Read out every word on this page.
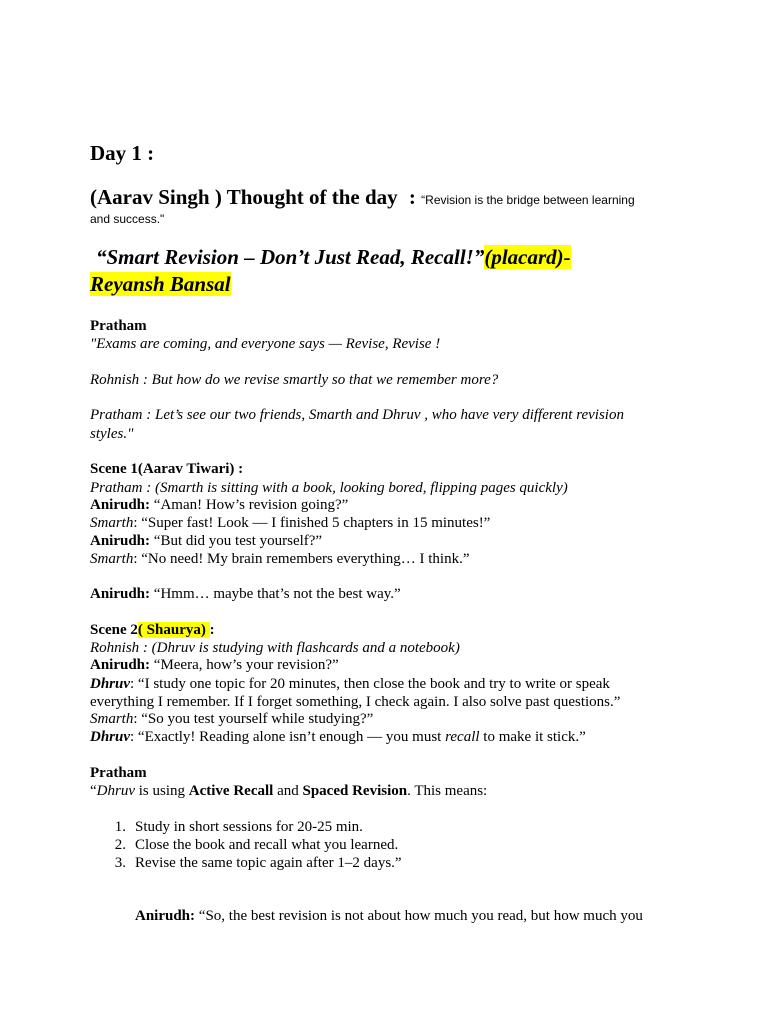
Day 1 :
(Aarav Singh ) Thought of the day : “Revision is the bridge between learning
and success."
“Smart Revision – Don’t Just Read, Recall!”(placard)-
Reyansh Bansal
Pratham
"Exams are coming, and everyone says — Revise, Revise !
Rohnish : But how do we revise smartly so that we remember more?
Pratham : Let’s see our two friends, Smarth and Dhruv , who have very different revision
styles."
Scene 1(Aarav Tiwari) :
Pratham : (Smarth is sitting with a book, looking bored, flipping pages quickly)
Anirudh: “Aman! How’s revision going?”
Smarth: “Super fast! Look — I finished 5 chapters in 15 minutes!”
Anirudh: “But did you test yourself?”
Smarth: “No need! My brain remembers everything… I think.”
Anirudh: “Hmm… maybe that’s not the best way.”
Scene 2( Shaurya) :
Rohnish : (Dhruv is studying with flashcards and a notebook)
Anirudh: “Meera, how’s your revision?”
Dhruv: “I study one topic for 20 minutes, then close the book and try to write or speak
everything I remember. If I forget something, I check again. I also solve past questions.”
Smarth: “So you test yourself while studying?”
Dhruv: “Exactly! Reading alone isn’t enough — you must recall to make it stick.”
Pratham
“Dhruv is using Active Recall and Spaced Revision. This means:
1. Study in short sessions for 20-25 min.
2. Close the book and recall what you learned.
3. Revise the same topic again after 1–2 days.”
Anirudh: “So, the best revision is not about how much you read, but how much you
